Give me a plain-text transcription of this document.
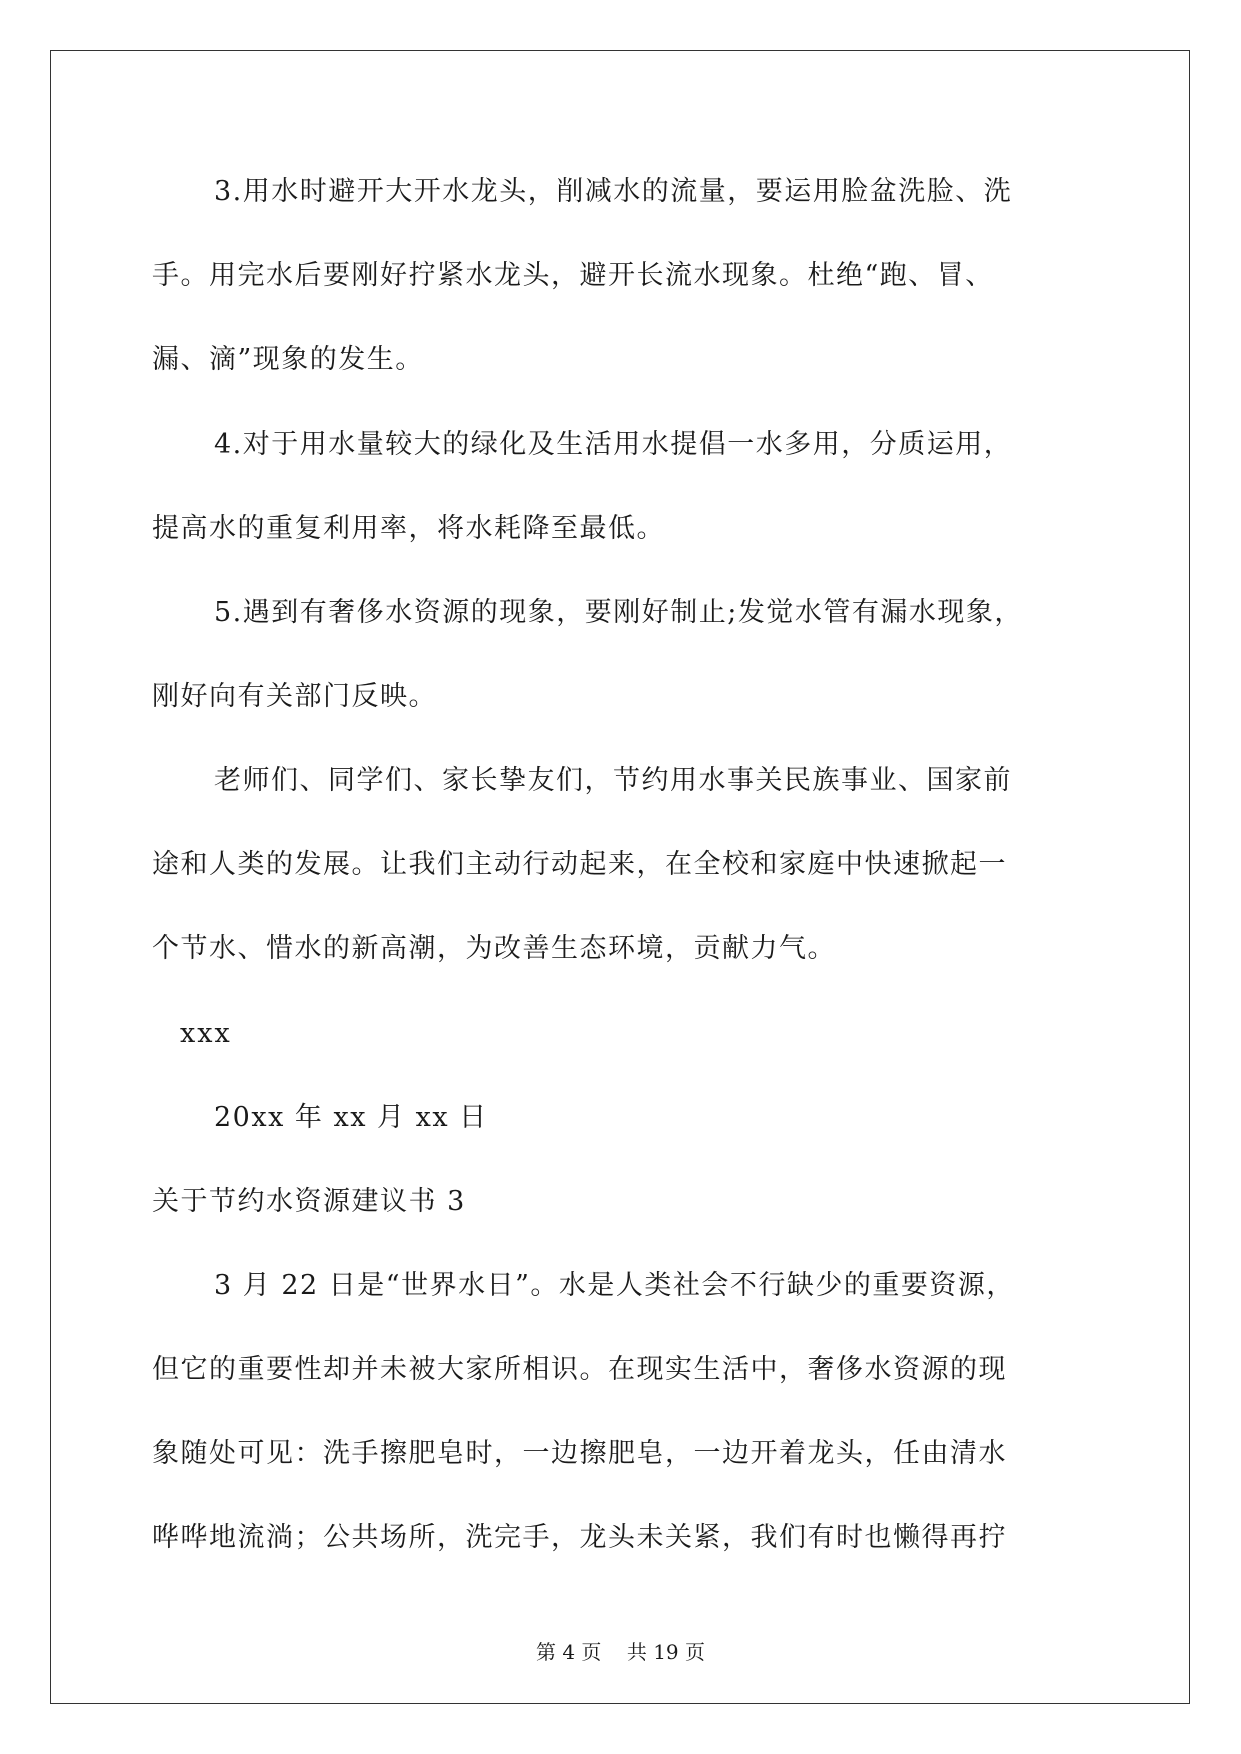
3.用水时避开大开水龙头，削减水的流量，要运用脸盆洗脸、洗
手。用完水后要刚好拧紧水龙头，避开长流水现象。杜绝“跑、冒、
漏、滴”现象的发生。
4.对于用水量较大的绿化及生活用水提倡一水多用，分质运用，
提高水的重复利用率，将水耗降至最低。
5.遇到有奢侈水资源的现象，要刚好制止;发觉水管有漏水现象，
刚好向有关部门反映。
老师们、同学们、家长挚友们，节约用水事关民族事业、国家前
途和人类的发展。让我们主动行动起来，在全校和家庭中快速掀起一
个节水、惜水的新高潮，为改善生态环境，贡献力气。
xxx
20xx 年 xx 月 xx 日
关于节约水资源建议书 3
3 月 22 日是“世界水日”。水是人类社会不行缺少的重要资源，
但它的重要性却并未被大家所相识。在现实生活中，奢侈水资源的现
象随处可见：洗手擦肥皂时，一边擦肥皂，一边开着龙头，任由清水
哗哗地流淌；公共场所，洗完手，龙头未关紧，我们有时也懒得再拧
第 4 页    共 19 页
